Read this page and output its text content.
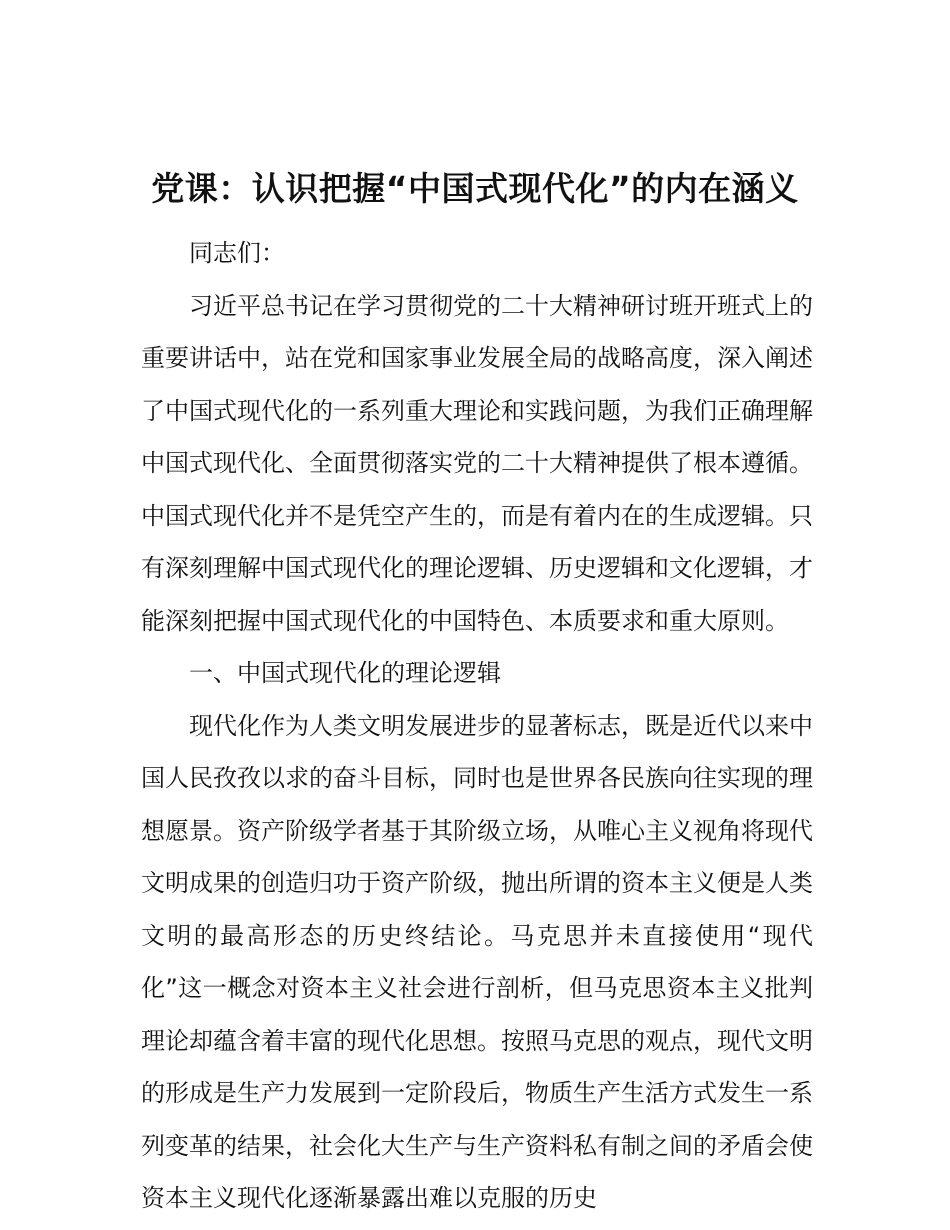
党课：认识把握“中国式现代化”的内在涵义

同志们：

习近平总书记在学习贯彻党的二十大精神研讨班开班式上的重要讲话中，站在党和国家事业发展全局的战略高度，深入阐述了中国式现代化的一系列重大理论和实践问题，为我们正确理解中国式现代化、全面贯彻落实党的二十大精神提供了根本遵循。中国式现代化并不是凭空产生的，而是有着内在的生成逻辑。只有深刻理解中国式现代化的理论逻辑、历史逻辑和文化逻辑，才能深刻把握中国式现代化的中国特色、本质要求和重大原则。

一、中国式现代化的理论逻辑

现代化作为人类文明发展进步的显著标志，既是近代以来中国人民孜孜以求的奋斗目标，同时也是世界各民族向往实现的理想愿景。资产阶级学者基于其阶级立场，从唯心主义视角将现代文明成果的创造归功于资产阶级，抛出所谓的资本主义便是人类文明的最高形态的历史终结论。马克思并未直接使用“现代化”这一概念对资本主义社会进行剖析，但马克思资本主义批判理论却蕴含着丰富的现代化思想。按照马克思的观点，现代文明的形成是生产力发展到一定阶段后，物质生产生活方式发生一系列变革的结果，社会化大生产与生产资料私有制之间的矛盾会使资本主义现代化逐渐暴露出难以克服的历史
